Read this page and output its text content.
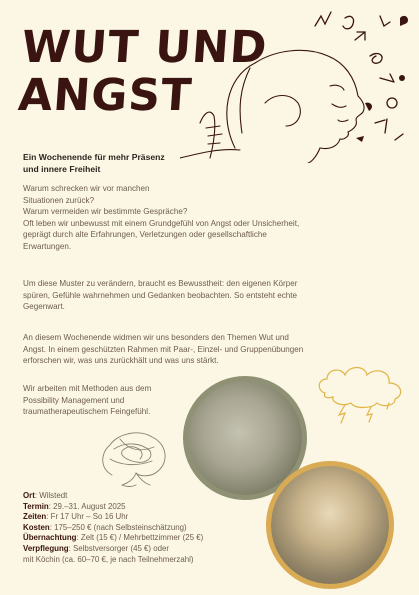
WUT UND
ANGST
Ein Wochenende für mehr Präsenz
und innere Freiheit
Warum schrecken wir vor manchen
Situationen zurück?
Warum vermeiden wir bestimmte Gespräche?
Oft leben wir unbewusst mit einem Grundgefühl von Angst oder Unsicherheit,
geprägt durch alte Erfahrungen, Verletzungen oder gesellschaftliche
Erwartungen.
Um diese Muster zu verändern, braucht es Bewusstheit: den eigenen Körper
spüren, Gefühle wahrnehmen und Gedanken beobachten. So entsteht echte
Gegenwart.
An diesem Wochenende widmen wir uns besonders den Themen Wut und
Angst. In einem geschützten Rahmen mit Paar-, Einzel- und Gruppenübungen
erforschen wir, was uns zurückhält und was uns stärkt.
Wir arbeiten mit Methoden aus dem
Possibility Management und
traumatherapeutischem Feingefühl.
Ort: Wilstedt
Termin: 29.–31. August 2025
Zeiten: Fr 17 Uhr – So 16 Uhr
Kosten: 175–250 € (nach Selbsteinschätzung)
Übernachtung: Zelt (15 €) / Mehrbettzimmer (25 €)
Verpflegung: Selbstversorger (45 €) oder
mit Köchin (ca. 60–70 €, je nach Teilnehmerzahl)
